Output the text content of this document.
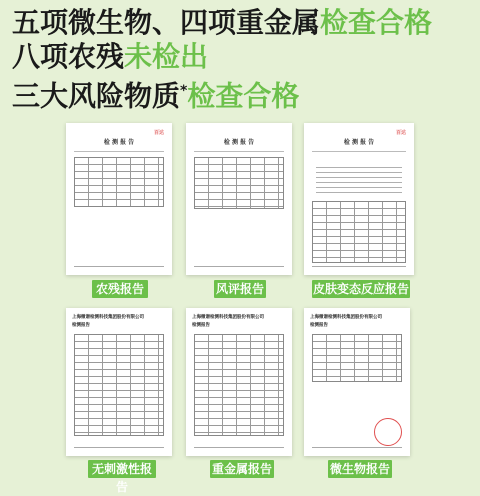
五项微生物、四项重金属检查合格
八项农残未检出
三大风险物质*检查合格
百达
检 测 报 告	检 测 报 告
百达
检 测 报 告
农残报告	风评报告	皮肤变态反应报告
上海微谱检测科技集团股份有限公司
检测报告
上海微谱检测科技集团股份有限公司
检测报告
上海微谱检测科技集团股份有限公司
检测报告
无刺激性报告
重金属报告	微生物报告
